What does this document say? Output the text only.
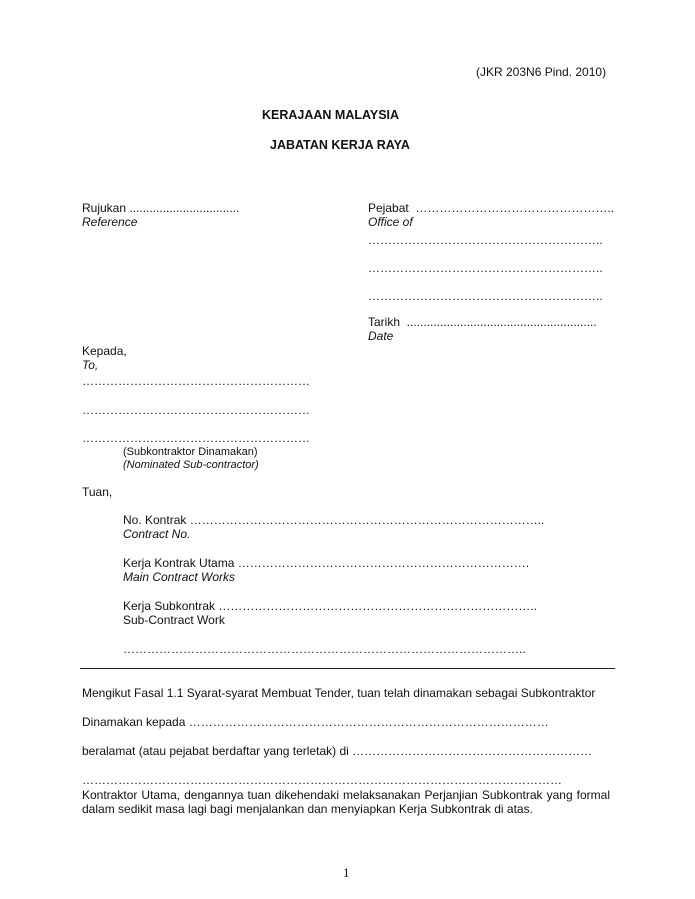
(JKR 203N6 Pind. 2010)
KERAJAAN MALAYSIA
JABATAN KERJA RAYA
Rujukan .................................
Reference
Pejabat  …………………………………………..
Office of
…………………………………………………..
…………………………………………………..
…………………………………………………..
Tarikh  .........................................................
Date
Kepada,
To,
…………………………………………………
…………………………………………………
…………………………………………………
(Subkontraktor Dinamakan)
(Nominated Sub-contractor)
Tuan,
No. Kontrak ……………………………………………………………………………..
Contract No.
Kerja Kontrak Utama ……………………………………………………………….
Main Contract Works
Kerja Subkontrak ……………………………………………………………………..
Sub-Contract Work
………………………………………………………………………………………..
Mengikut Fasal 1.1 Syarat-syarat Membuat Tender, tuan telah dinamakan sebagai Subkontraktor
Dinamakan kepada ………………………………………………………………………………
beralamat (atau pejabat berdaftar yang terletak) di ……………………………………………………
…………………………………………………………………………………………………………
Kontraktor Utama, dengannya tuan dikehendaki melaksanakan Perjanjian Subkontrak yang formal dalam sedikit masa lagi bagi menjalankan dan menyiapkan Kerja Subkontrak di atas.
1
